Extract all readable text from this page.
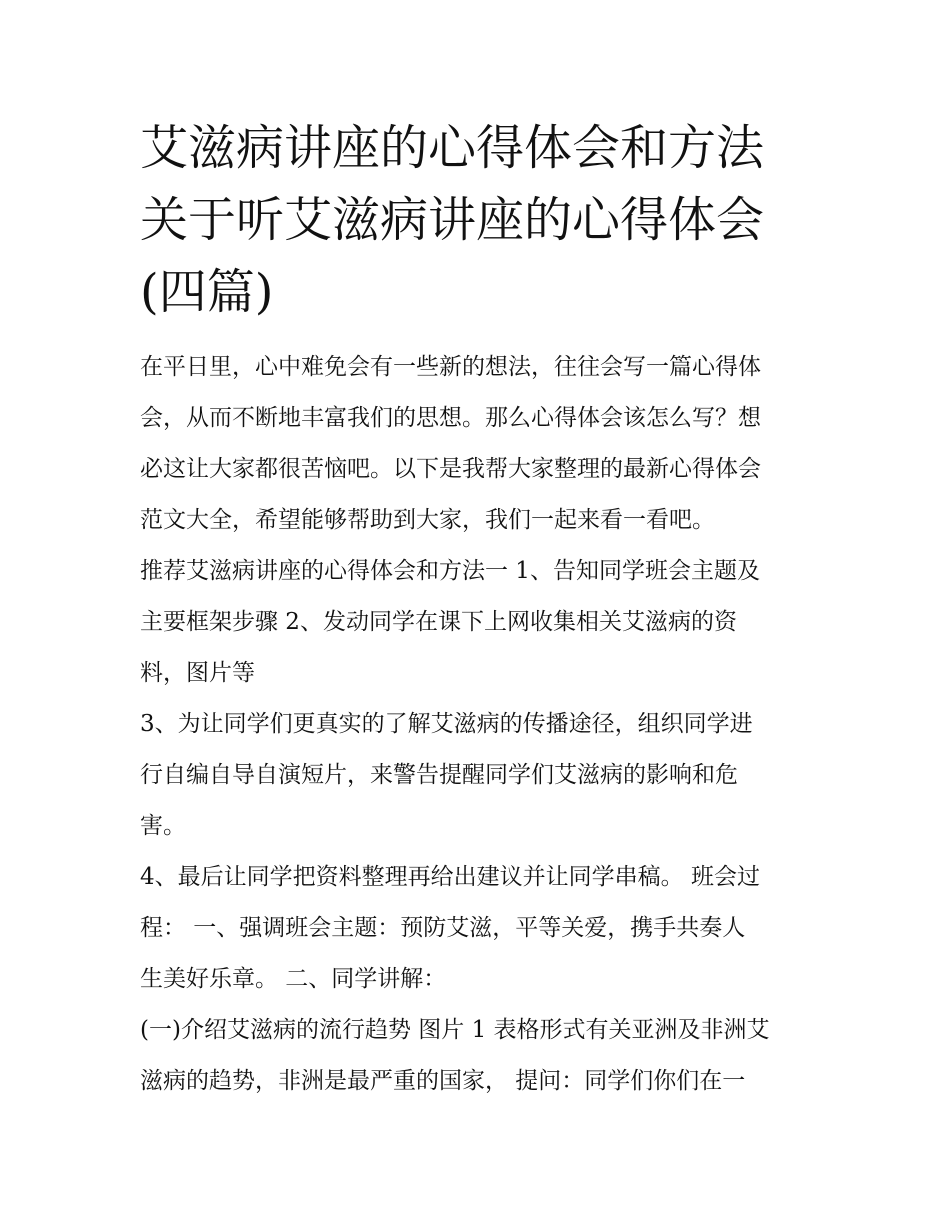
艾滋病讲座的心得体会和方法
关于听艾滋病讲座的心得体会
(四篇)

在平日里，心中难免会有一些新的想法，往往会写一篇心得体
会，从而不断地丰富我们的思想。那么心得体会该怎么写？想
必这让大家都很苦恼吧。以下是我帮大家整理的最新心得体会
范文大全，希望能够帮助到大家，我们一起来看一看吧。

推荐艾滋病讲座的心得体会和方法一 1、告知同学班会主题及
主要框架步骤 2、发动同学在课下上网收集相关艾滋病的资
料，图片等

3、为让同学们更真实的了解艾滋病的传播途径，组织同学进
行自编自导自演短片，来警告提醒同学们艾滋病的影响和危
害。

4、最后让同学把资料整理再给出建议并让同学串稿。 班会过
程： 一、强调班会主题：预防艾滋，平等关爱，携手共奏人
生美好乐章。 二、同学讲解：

(一)介绍艾滋病的流行趋势 图片 1 表格形式有关亚洲及非洲艾
滋病的趋势，非洲是最严重的国家， 提问：同学们你们在一
